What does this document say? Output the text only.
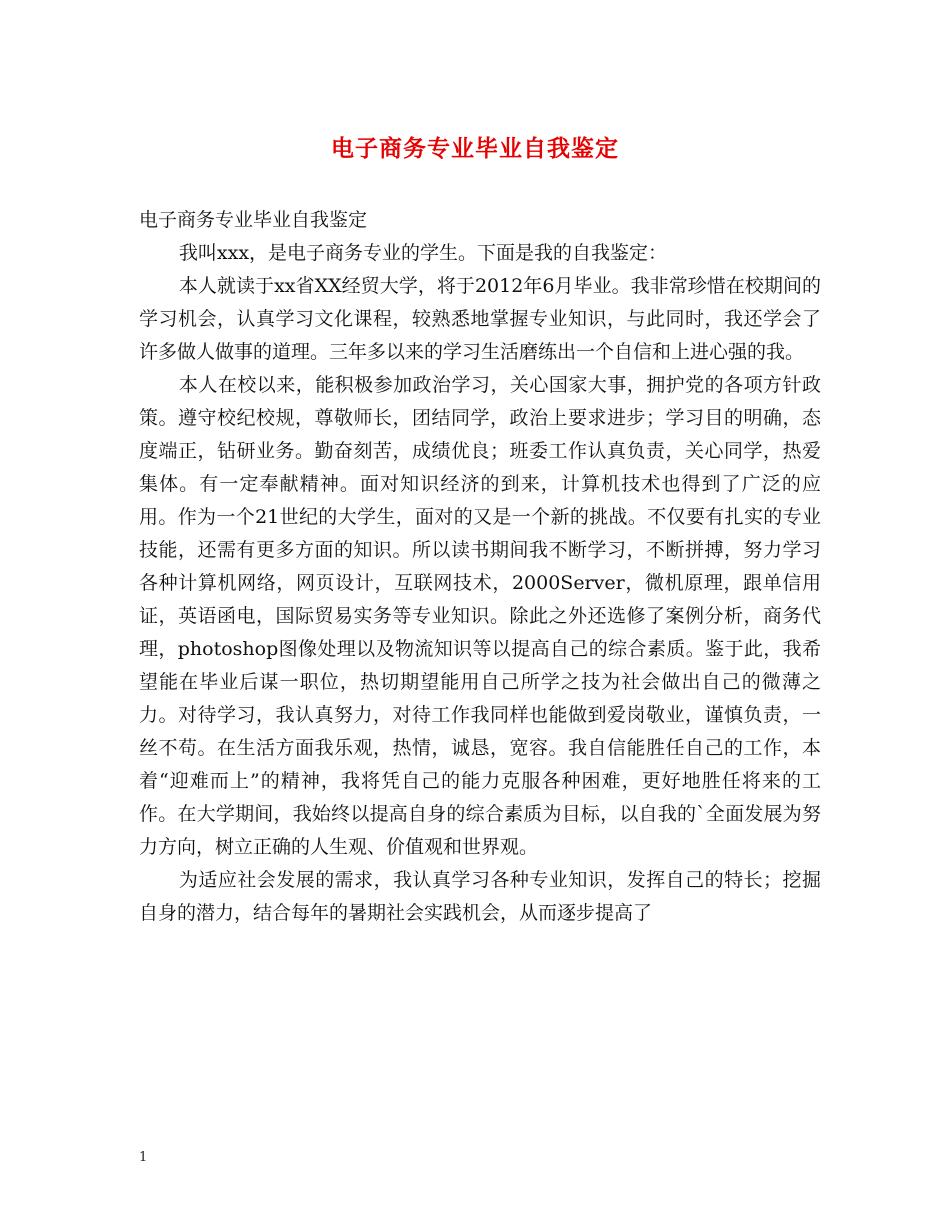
电子商务专业毕业自我鉴定

电子商务专业毕业自我鉴定

我叫xxx，是电子商务专业的学生。下面是我的自我鉴定：

本人就读于xx省XX经贸大学，将于2012年6月毕业。我非常珍惜在校期间的学习机会，认真学习文化课程，较熟悉地掌握专业知识，与此同时，我还学会了许多做人做事的道理。三年多以来的学习生活磨练出一个自信和上进心强的我。

本人在校以来，能积极参加政治学习，关心国家大事，拥护党的各项方针政策。遵守校纪校规，尊敬师长，团结同学，政治上要求进步；学习目的明确，态度端正，钻研业务。勤奋刻苦，成绩优良；班委工作认真负责，关心同学，热爱集体。有一定奉献精神。面对知识经济的到来，计算机技术也得到了广泛的应用。作为一个21世纪的大学生，面对的又是一个新的挑战。不仅要有扎实的专业技能，还需有更多方面的知识。所以读书期间我不断学习，不断拼搏，努力学习各种计算机网络，网页设计，互联网技术，2000Server，微机原理，跟单信用证，英语函电，国际贸易实务等专业知识。除此之外还选修了案例分析，商务代理，photoshop图像处理以及物流知识等以提高自己的综合素质。鉴于此，我希望能在毕业后谋一职位，热切期望能用自己所学之技为社会做出自己的微薄之力。对待学习，我认真努力，对待工作我同样也能做到爱岗敬业，谨慎负责，一丝不苟。在生活方面我乐观，热情，诚恳，宽容。我自信能胜任自己的工作，本着“迎难而上”的精神，我将凭自己的能力克服各种困难，更好地胜任将来的工作。在大学期间，我始终以提高自身的综合素质为目标，以自我的`全面发展为努力方向，树立正确的人生观、价值观和世界观。

为适应社会发展的需求，我认真学习各种专业知识，发挥自己的特长；挖掘自身的潜力，结合每年的暑期社会实践机会，从而逐步提高了

1
